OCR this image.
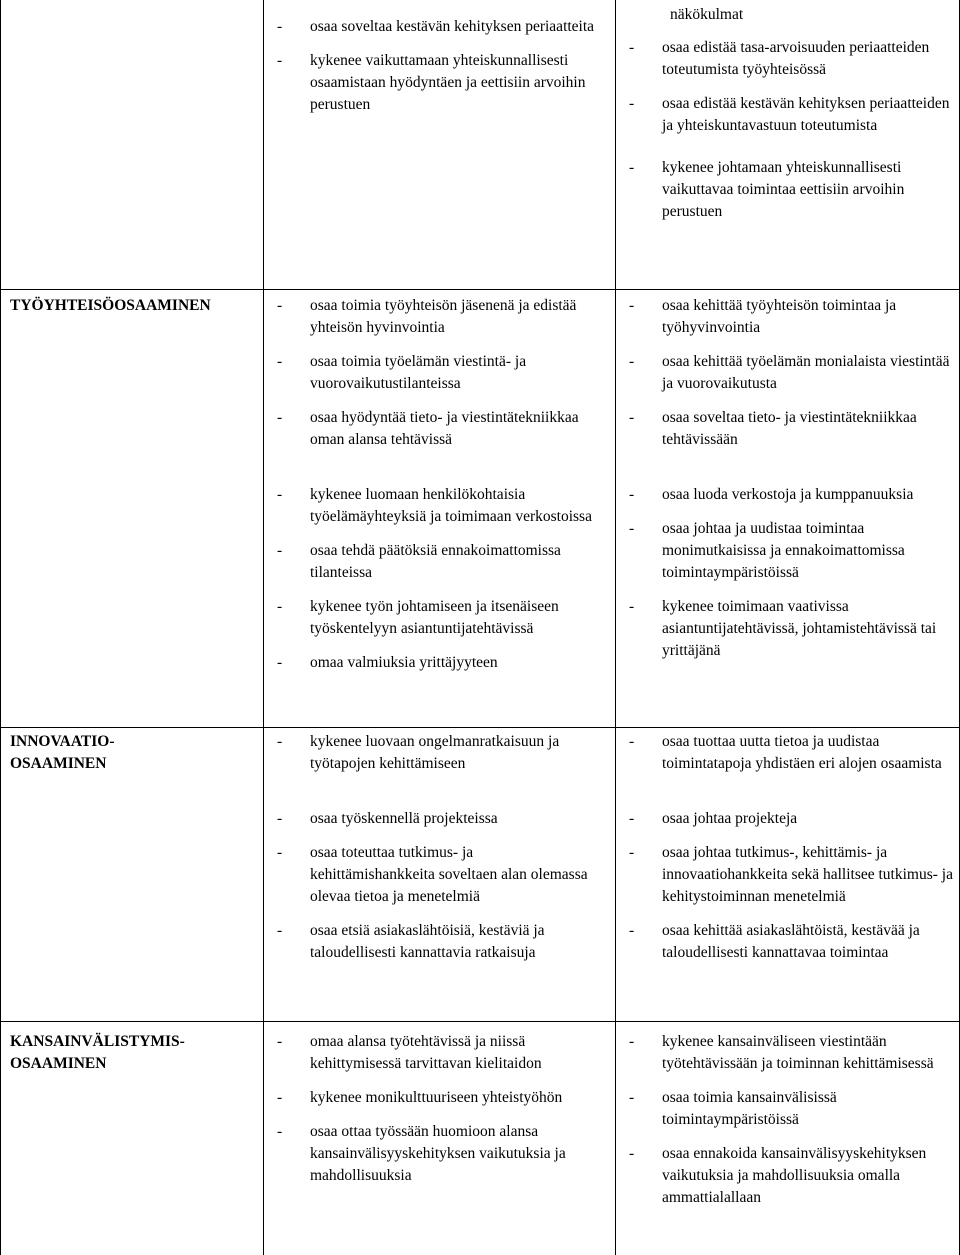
- osaa soveltaa kestävän kehityksen periaatteita
- kykenee vaikuttamaan yhteiskunnallisesti osaamistaan hyödyntäen ja eettisiin arvoihin perustuen
näkökulmat
- osaa edistää tasa-arvoisuuden periaatteiden toteutumista työyhteisössä
- osaa edistää kestävän kehityksen periaatteiden ja yhteiskuntavastuun toteutumista
- kykenee johtamaan yhteiskunnallisesti vaikuttavaa toimintaa eettisiin arvoihin perustuen
TYÖYHTEISÖOSAAMINEN	- osaa toimia työyhteisön jäsenenä ja edistää yhteisön hyvinvointia
- osaa kehittää työyhteisön toimintaa ja työhyvinvointia
- osaa toimia työelämän viestintä- ja vuorovaikutustilanteissa
- osaa hyödyntää tieto- ja viestintätekniikkaa oman alansa tehtävissä
- osaa kehittää työelämän monialaista viestintää ja vuorovaikutusta
- osaa soveltaa tieto- ja viestintätekniikkaa tehtävissään
- kykenee luomaan henkilökohtaisia työelämäyhteyksiä ja toimimaan verkostoissa
- osaa tehdä päätöksiä ennakoimattomissa tilanteissa
- kykenee työn johtamiseen ja itsenäiseen työskentelyyn asiantuntijatehtävissä
- omaa valmiuksia yrittäjyyteen
- osaa luoda verkostoja ja kumppanuuksia
- osaa johtaa ja uudistaa toimintaa monimutkaisissa ja ennakoimattomissa toimintaympäristöissä
- kykenee toimimaan vaativissa asiantuntijatehtävissä, johtamistehtävissä tai yrittäjänä
INNOVAATIO-
OSAAMINEN
- kykenee luovaan ongelmanratkaisuun ja työtapojen kehittämiseen
- osaa tuottaa uutta tietoa ja uudistaa toimintatapoja yhdistäen eri alojen osaamista
- osaa työskennellä projekteissa	- osaa johtaa projekteja
- osaa toteuttaa tutkimus- ja kehittämishankkeita soveltaen alan olemassa olevaa tietoa ja menetelmiä
- osaa etsiä asiakaslähtöisiä, kestäviä ja taloudellisesti kannattavia ratkaisuja
- osaa johtaa tutkimus-, kehittämis- ja innovaatiohankkeita sekä hallitsee tutkimus- ja kehitystoiminnan menetelmiä
- osaa kehittää asiakaslähtöistä, kestävää ja taloudellisesti kannattavaa toimintaa
KANSAINVÄLISTYMIS-
OSAAMINEN
- omaa alansa työtehtävissä ja niissä kehittymisessä tarvittavan kielitaidon
- kykenee monikulttuuriseen yhteistyöhön
- osaa ottaa työssään huomioon alansa kansainvälisyyskehityksen vaikutuksia ja mahdollisuuksia
- kykenee kansainväliseen viestintään työtehtävissään ja toiminnan kehittämisessä
- osaa toimia kansainvälisissä toimintaympäristöissä
- osaa ennakoida kansainvälisyyskehityksen vaikutuksia ja mahdollisuuksia omalla ammattialallaan
